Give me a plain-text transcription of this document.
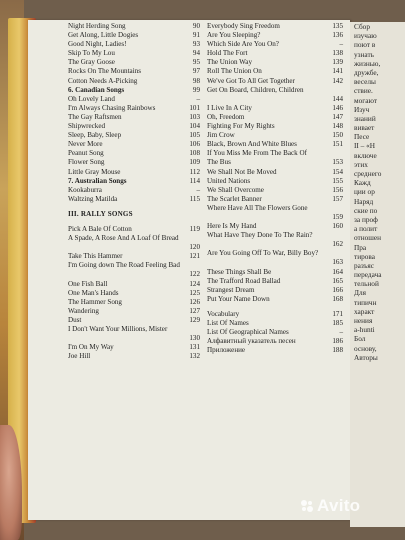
Night Herding Song	90
Get Along, Little Dogies	91
Good Night, Ladies!	93
Skip To My Lou	94
The Gray Goose	95
Rocks On The Mountains	97
Cotton Needs A-Picking	98
6. Canadian Songs	99
Oh Lovely Land	–
I'm Always Chasing Rainbows	101
The Gay Raftsmen	103
Shipwrecked	104
Sleep, Baby, Sleep	105
Never More	106
Peanut Song	108
Flower Song	109
Little Gray Mouse	112
7. Australian Songs	114
Kookaburra	–
Waltzing Matilda	115
III. RALLY SONGS
Pick A Bale Of Cotton	119
A Spade, A Rose And A Loaf Of Bread
120
Take This Hammer	121
I'm Going down The Road Feeling Bad
122
One Fish Ball	124
One Man's Hands	125
The Hammer Song	126
Wandering	127
Dust	129
I Don't Want Your Millions, Mister
130
I'm On My Way	131
Joe Hill	132
Everybody Sing Freedom	135
Are You Sleeping?	136
Which Side Are You On?	–
Hold The Fort	138
The Union Way	139
Roll The Union On	141
We've Got To All Get Together	142
Get On Board, Children, Children
144
I Live In A City	146
Oh, Freedom	147
Fighting For My Rights	148
Jim Crow	150
Black, Brown And White Blues	151
If You Miss Me From The Back Of The Bus	153
We Shall Not Be Moved	154
United Nations	155
We Shall Overcome	156
The Scarlet Banner	157
Where Have All The Flowers Gone
159
Here Is My Hand	160
What Have They Done To The Rain?
162
Are You Going Off To War, Billy Boy?
163
These Things Shall Be	164
The Trafford Road Ballad	165
Strangest Dream	166
Put Your Name Down	168
Vocabulary	171
List Of Names	185
List Of Geographical Names	–
Алфавитный указатель песен	186
Приложение	188
Сбор
изучаю
поют в
узнать
жизнью,
дружбе,
веселы
ствие.
могают
Изуч
знаний
вивает
Песе
II – «Н
включе
этих
среднего
Кажд
ции ор
Наряд
ские по
за проф
а полит
отношен
Пра
тирова
разъяс
передача
тельной
Для
типичн
характ
нения
a-hunti
Бол
основу,
Авторы
Avito
